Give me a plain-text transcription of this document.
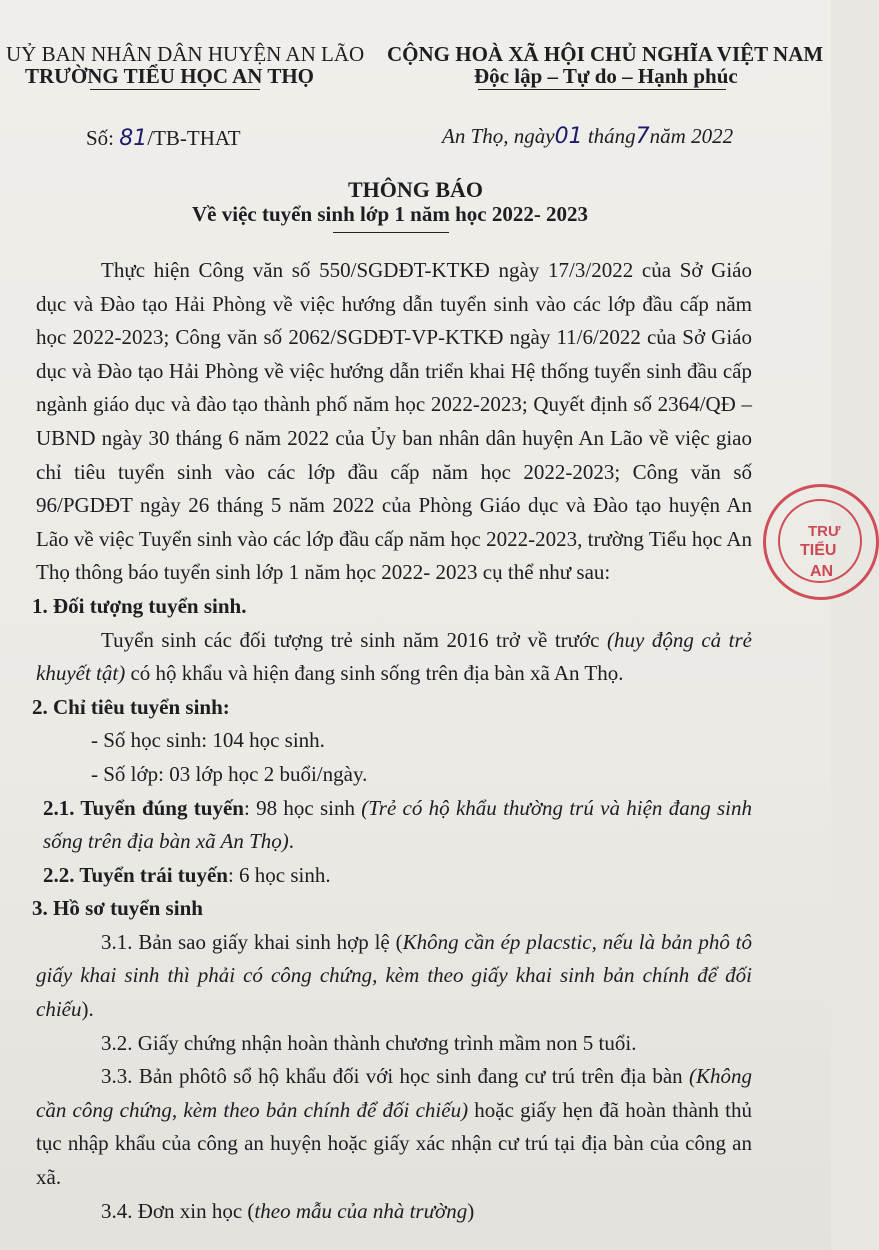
UỶ BAN NHÂN DÂN HUYỆN AN LÃO
TRƯỜNG TIỂU HỌC AN THỌ
CỘNG HOÀ XÃ HỘI CHỦ NGHĨA VIỆT NAM
Độc lập – Tự do – Hạnh phúc
Số: 81/TB-THAT	An Thọ, ngày01 tháng7năm 2022
THÔNG BÁO
Về việc tuyển sinh lớp 1 năm học 2022- 2023
Thực hiện Công văn số 550/SGDĐT-KTKĐ ngày 17/3/2022 của Sở Giáo dục và Đào tạo Hải Phòng về việc hướng dẫn tuyển sinh vào các lớp đầu cấp năm học 2022-2023; Công văn số 2062/SGDĐT-VP-KTKĐ ngày 11/6/2022 của Sở Giáo dục và Đào tạo Hải Phòng về việc hướng dẫn triển khai Hệ thống tuyển sinh đầu cấp ngành giáo dục và đào tạo thành phố năm học 2022-2023; Quyết định số 2364/QĐ –UBND ngày 30 tháng 6 năm 2022 của Ủy ban nhân dân huyện An Lão về việc giao chỉ tiêu tuyển sinh vào các lớp đầu cấp năm học 2022-2023; Công văn số 96/PGDĐT ngày 26 tháng 5 năm 2022 của Phòng Giáo dục và Đào tạo huyện An Lão về việc Tuyển sinh vào các lớp đầu cấp năm học 2022-2023, trường Tiểu học An Thọ thông báo tuyển sinh lớp 1 năm học 2022- 2023 cụ thể như sau:
1. Đối tượng tuyển sinh.
Tuyển sinh các đối tượng trẻ sinh năm 2016 trở về trước (huy động cả trẻ khuyết tật) có hộ khẩu và hiện đang sinh sống trên địa bàn xã An Thọ.
2. Chỉ tiêu tuyển sinh:
- Số học sinh: 104 học sinh.
- Số lớp: 03 lớp học 2 buổi/ngày.
2.1. Tuyển đúng tuyến: 98 học sinh (Trẻ có hộ khẩu thường trú và hiện đang sinh sống trên địa bàn xã An Thọ).
2.2. Tuyển trái tuyến: 6 học sinh.
3. Hồ sơ tuyển sinh
3.1. Bản sao giấy khai sinh hợp lệ (Không cần ép placstic, nếu là bản phô tô giấy khai sinh thì phải có công chứng, kèm theo giấy khai sinh bản chính để đối chiếu).
3.2. Giấy chứng nhận hoàn thành chương trình mầm non 5 tuổi.
3.3. Bản phôtô sổ hộ khẩu đối với học sinh đang cư trú trên địa bàn (Không cần công chứng, kèm theo bản chính để đối chiếu) hoặc giấy hẹn đã hoàn thành thủ tục nhập khẩu của công an huyện hoặc giấy xác nhận cư trú tại địa bàn của công an xã.
3.4. Đơn xin học (theo mẫu của nhà trường)
TRƯ
TIỂU
AN
